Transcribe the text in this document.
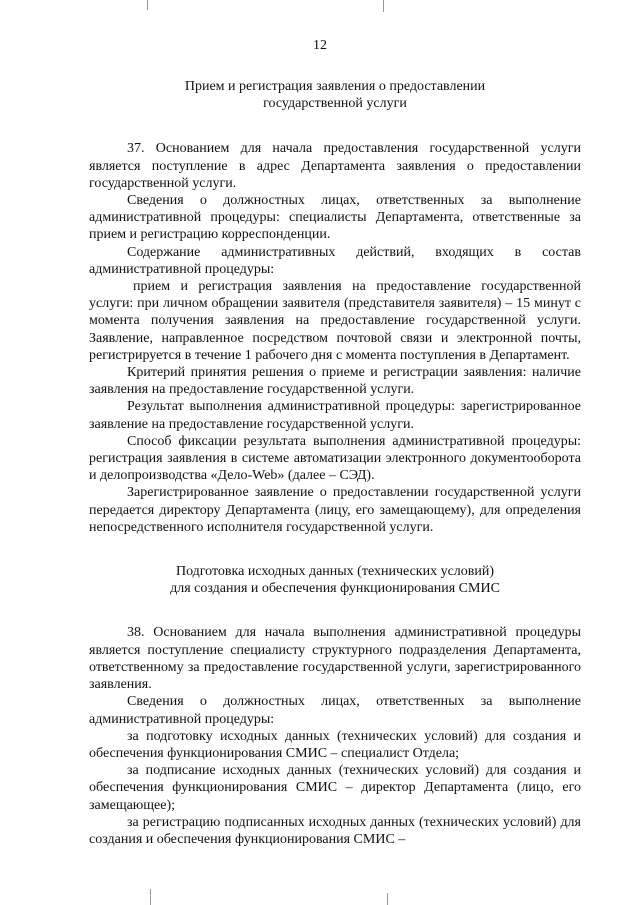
12
Прием и регистрация заявления о предоставлении
государственной услуги

37. Основанием для начала предоставления государственной услуги является поступление в адрес Департамента заявления о предоставлении государственной услуги.

Сведения о должностных лицах, ответственных за выполнение административной процедуры: специалисты Департамента, ответственные за прием и регистрацию корреспонденции.

Содержание административных действий, входящих в состав административной процедуры:

прием и регистрация заявления на предоставление государственной услуги: при личном обращении заявителя (представителя заявителя) – 15 минут с момента получения заявления на предоставление государственной услуги. Заявление, направленное посредством почтовой связи и электронной почты, регистрируется в течение 1 рабочего дня с момента поступления в Департамент.

Критерий принятия решения о приеме и регистрации заявления: наличие заявления на предоставление государственной услуги.

Результат выполнения административной процедуры: зарегистрированное заявление на предоставление государственной услуги.

Способ фиксации результата выполнения административной процедуры: регистрация заявления в системе автоматизации электронного документооборота и делопроизводства «Дело-Web» (далее – СЭД).

Зарегистрированное заявление о предоставлении государственной услуги передается директору Департамента (лицу, его замещающему), для определения непосредственного исполнителя государственной услуги.

Подготовка исходных данных (технических условий)
для создания и обеспечения функционирования СМИС

38. Основанием для начала выполнения административной процедуры является поступление специалисту структурного подразделения Департамента, ответственному за предоставление государственной услуги, зарегистрированного заявления.

Сведения о должностных лицах, ответственных за выполнение административной процедуры:

за подготовку исходных данных (технических условий) для создания и обеспечения функционирования СМИС – специалист Отдела;

за подписание исходных данных (технических условий) для создания и обеспечения функционирования СМИС – директор Департамента (лицо, его замещающее);

за регистрацию подписанных исходных данных (технических условий) для создания и обеспечения функционирования СМИС –
